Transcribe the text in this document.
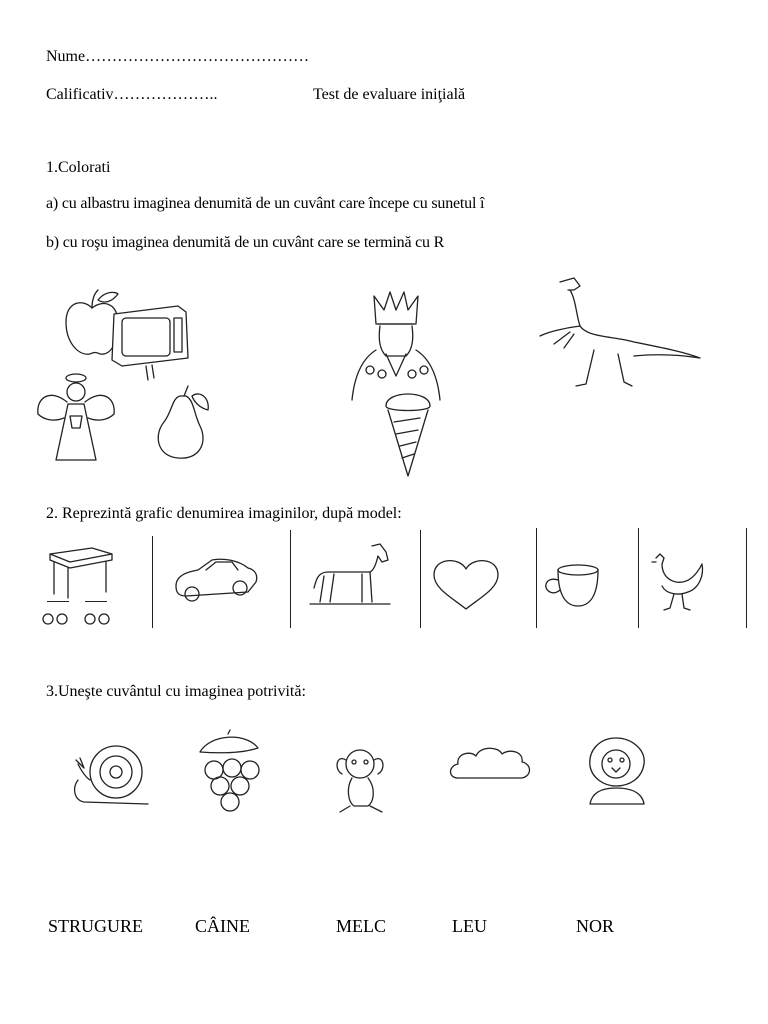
Nume……………………………………
Calificativ………………..	Test de evaluare iniţială
1.Colorati
a) cu albastru imaginea denumită de un cuvânt care începe cu sunetul î
b) cu roşu imaginea denumită de un cuvânt care se termină cu R
2. Reprezintă grafic denumirea imaginilor, după model:
3.Uneşte cuvântul cu imaginea potrivită:
STRUGURE	CÂINE	MELC	LEU	NOR
